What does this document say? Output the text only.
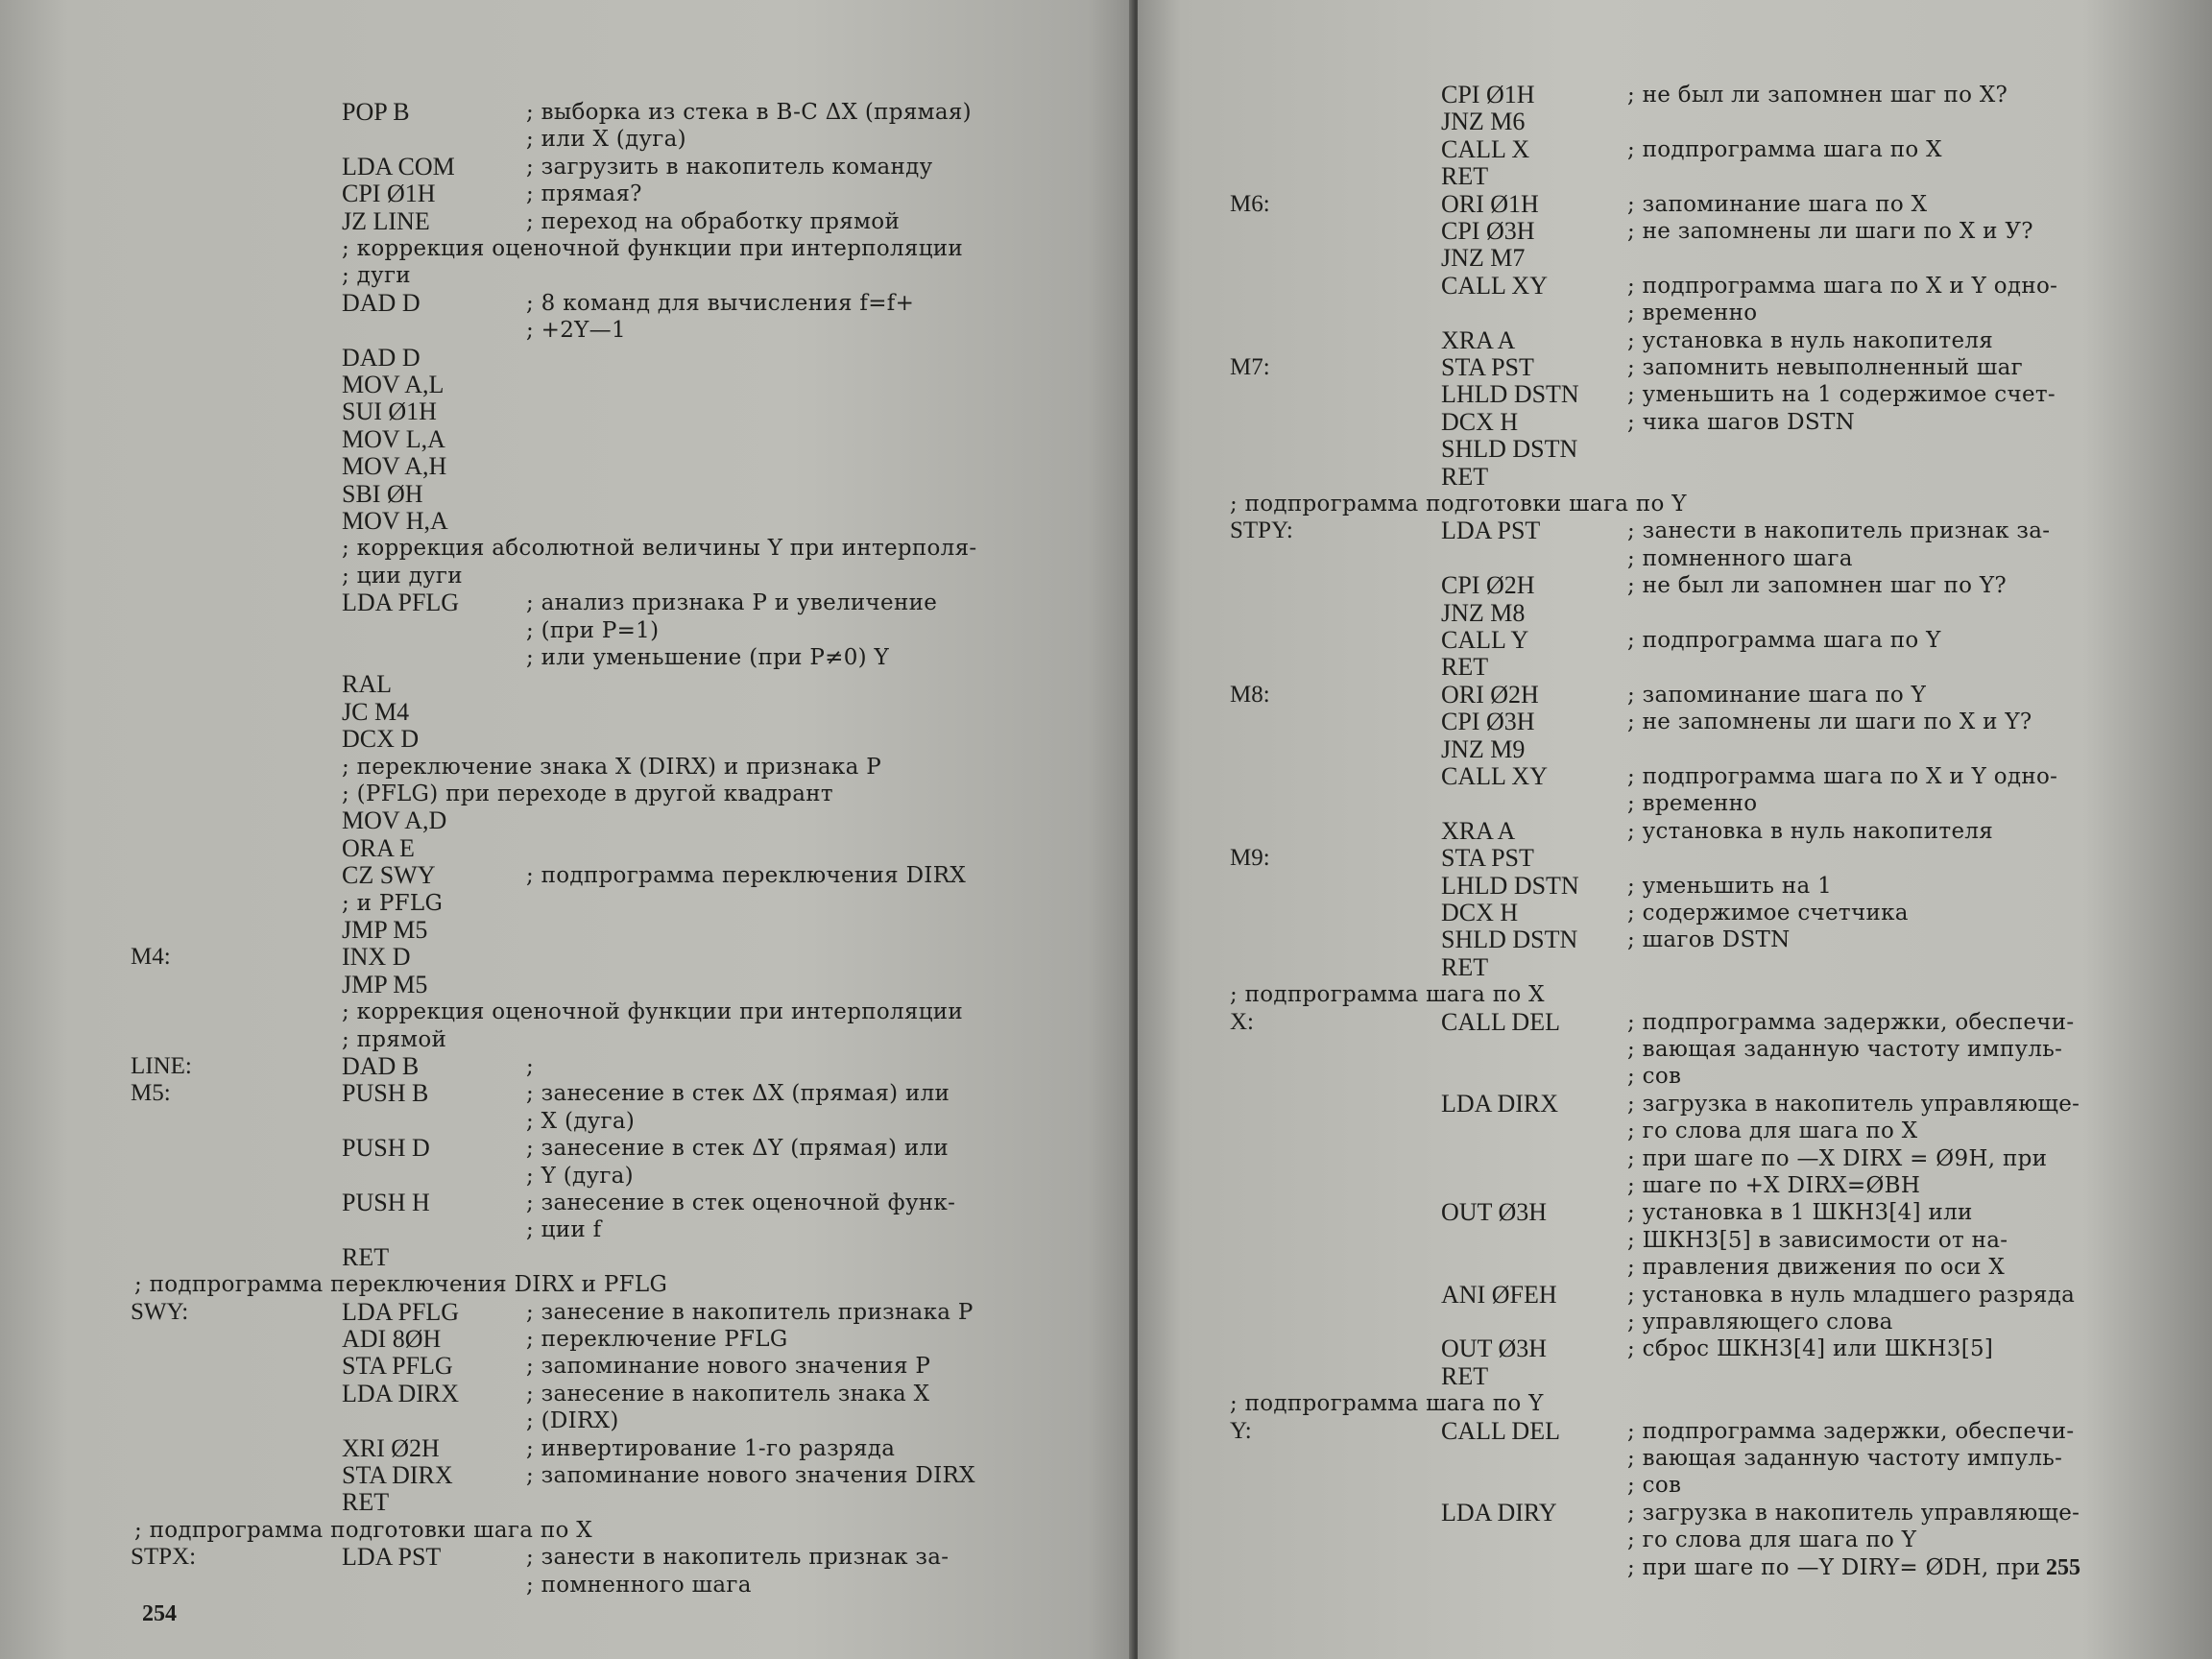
POP B	; выборка из стека в B-C ΔX (прямая)
; или X (дуга)
LDA COM	; загрузить в накопитель команду
CPI Ø1H	; прямая?
JZ LINE	; переход на обработку прямой
; коррекция оценочной функции при интерполяции
; дуги
DAD D	; 8 команд для вычисления f=f+
; +2Y—1
DAD D
MOV A,L
SUI Ø1H
MOV L,A
MOV A,H
SBI ØH
MOV H,A
; коррекция абсолютной величины Y при интерполя-
; ции дуги
LDA PFLG	; анализ признака P и увеличение
; (при P=1)
; или уменьшение (при P≠0) Y
RAL
JC M4
DCX D
; переключение знака X (DIRX) и признака P
; (PFLG) при переходе в другой квадрант
MOV A,D
ORA E
CZ SWY	; подпрограмма переключения DIRX
; и PFLG
JMP M5
M4:	INX D
JMP M5
; коррекция оценочной функции при интерполяции
; прямой
LINE:	DAD B	;
M5:	PUSH B	; занесение в стек ΔX (прямая) или
; X (дуга)
PUSH D	; занесение в стек ΔY (прямая) или
; Y (дуга)
PUSH H	; занесение в стек оценочной функ-
; ции f
RET
; подпрограмма переключения DIRX и PFLG
SWY:	LDA PFLG	; занесение в накопитель признака P
ADI 8ØH	; переключение PFLG
STA PFLG	; запоминание нового значения P
LDA DIRX	; занесение в накопитель знака X
; (DIRX)
XRI Ø2H	; инвертирование 1-го разряда
STA DIRX	; запоминание нового значения DIRX
RET
; подпрограмма подготовки шага по X
STPX:	LDA PST	; занести в накопитель признак за-
; помненного шага
254
CPI Ø1H	; не был ли запомнен шаг по X?
JNZ M6
CALL X	; подпрограмма шага по X
RET
M6:	ORI Ø1H	; запоминание шага по X
CPI Ø3H	; не запомнены ли шаги по X и У?
JNZ M7
CALL XY	; подпрограмма шага по X и Y одно-
; временно
XRA A	; установка в нуль накопителя
M7:	STA PST	; запомнить невыполненный шаг
LHLD DSTN ; уменьшить на 1 содержимое счет-
DCX H	; чика шагов DSTN
SHLD DSTN
RET
; подпрограмма подготовки шага по Y
STPY:	LDA PST	; занести в накопитель признак за-
; помненного шага
CPI Ø2H	; не был ли запомнен шаг по Y?
JNZ M8
CALL Y	; подпрограмма шага по Y
RET
M8:	ORI Ø2H	; запоминание шага по Y
CPI Ø3H	; не запомнены ли шаги по X и Y?
JNZ M9
CALL XY	; подпрограмма шага по X и Y одно-
; временно
XRA A	; установка в нуль накопителя
M9:	STA PST
LHLD DSTN ; уменьшить на 1
DCX H	; содержимое счетчика
SHLD DSTN ; шагов DSTN
RET
; подпрограмма шага по X
X:	CALL DEL	; подпрограмма задержки, обеспечи-
; вающая заданную частоту импуль-
; сов
LDA DIRX	; загрузка в накопитель управляюще-
; го слова для шага по X
; при шаге по —X DIRX = Ø9H, при
; шаге по +X DIRX=ØBH
OUT Ø3H	; установка в 1 ШКН3[4] или
; ШКН3[5] в зависимости от на-
; правления движения по оси X
ANI ØFEH	; установка в нуль младшего разряда
; управляющего слова
OUT Ø3H	; сброс ШКН3[4] или ШКН3[5]
RET
; подпрограмма шага по Y
Y:	CALL DEL	; подпрограмма задержки, обеспечи-
; вающая заданную частоту импуль-
; сов
LDA DIRY	; загрузка в накопитель управляюще-
; го слова для шага по Y
; при шаге по —Y DIRY= ØDH, при 255
